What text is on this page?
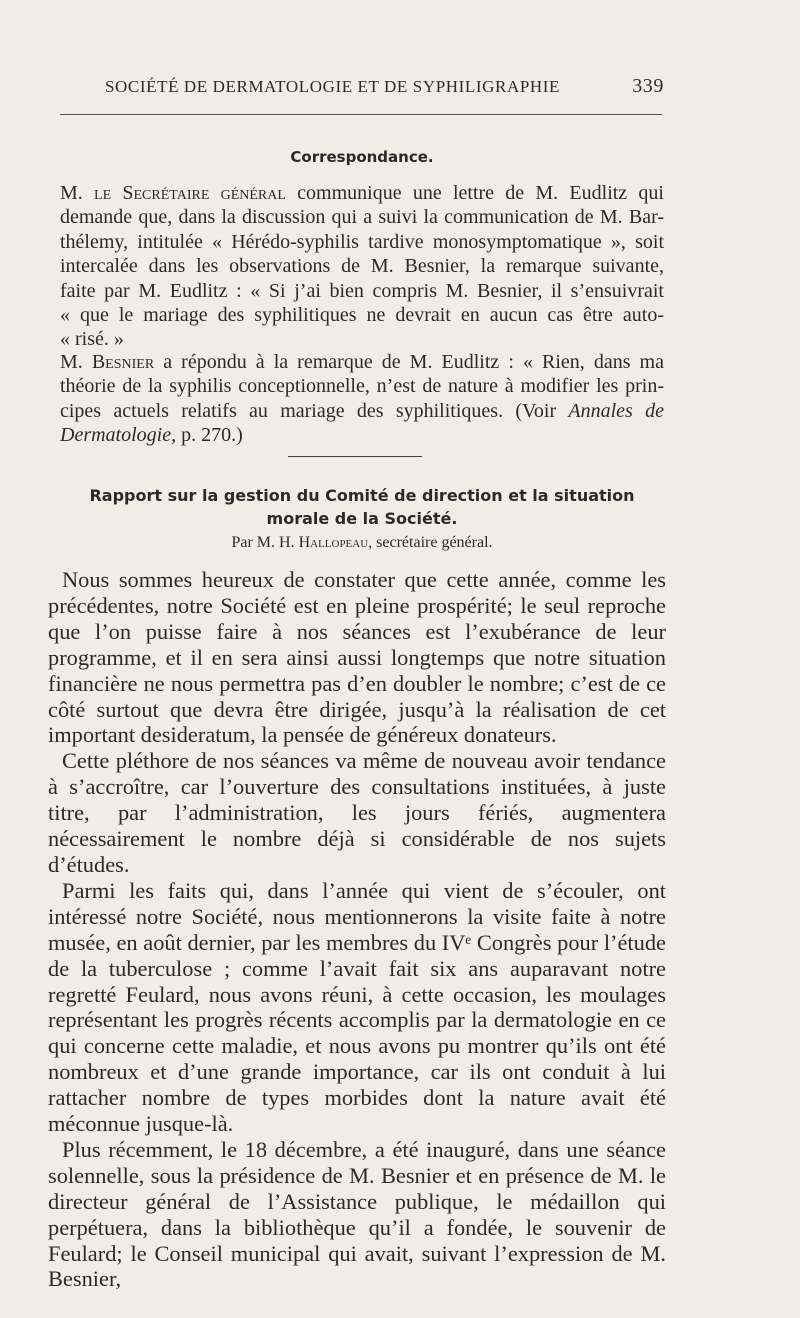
SOCIÉTÉ DE DERMATOLOGIE ET DE SYPHILIGRAPHIE	339
Correspondance.
M. le Secrétaire général communique une lettre de M. Eudlitz qui
demande que, dans la discussion qui a suivi la communication de M. Bar-
thélemy, intitulée « Hérédo-syphilis tardive monosymptomatique », soit
intercalée dans les observations de M. Besnier, la remarque suivante,
faite par M. Eudlitz : « Si j’ai bien compris M. Besnier, il s’ensuivrait
« que le mariage des syphilitiques ne devrait en aucun cas être auto-
« risé. »
M. Besnier a répondu à la remarque de M. Eudlitz : « Rien, dans ma
théorie de la syphilis conceptionnelle, n’est de nature à modifier les prin-
cipes actuels relatifs au mariage des syphilitiques. (Voir Annales de
Dermatologie, p. 270.)
Rapport sur la gestion du Comité de direction et la situation
morale de la Société.
Par M. H. Hallopeau, secrétaire général.

Nous sommes heureux de constater que cette année, comme les précédentes, notre Société est en pleine prospérité; le seul reproche que l’on puisse faire à nos séances est l’exubérance de leur programme, et il en sera ainsi aussi longtemps que notre situation financière ne nous permettra pas d’en doubler le nombre; c’est de ce côté surtout que devra être dirigée, jusqu’à la réalisation de cet important desideratum, la pensée de généreux donateurs.

Cette pléthore de nos séances va même de nouveau avoir tendance à s’accroître, car l’ouverture des consultations instituées, à juste titre, par l’administration, les jours fériés, augmentera nécessairement le nombre déjà si considérable de nos sujets d’études.

Parmi les faits qui, dans l’année qui vient de s’écouler, ont intéressé notre Société, nous mentionnerons la visite faite à notre musée, en août dernier, par les membres du IVᵉ Congrès pour l’étude de la tuberculose ; comme l’avait fait six ans auparavant notre regretté Feulard, nous avons réuni, à cette occasion, les moulages représentant les progrès récents accomplis par la dermatologie en ce qui concerne cette maladie, et nous avons pu montrer qu’ils ont été nombreux et d’une grande importance, car ils ont conduit à lui rattacher nombre de types morbides dont la nature avait été méconnue jusque-là.

Plus récemment, le 18 décembre, a été inauguré, dans une séance solennelle, sous la présidence de M. Besnier et en présence de M. le directeur général de l’Assistance publique, le médaillon qui perpétuera, dans la bibliothèque qu’il a fondée, le souvenir de Feulard; le Conseil municipal qui avait, suivant l’expression de M. Besnier,
